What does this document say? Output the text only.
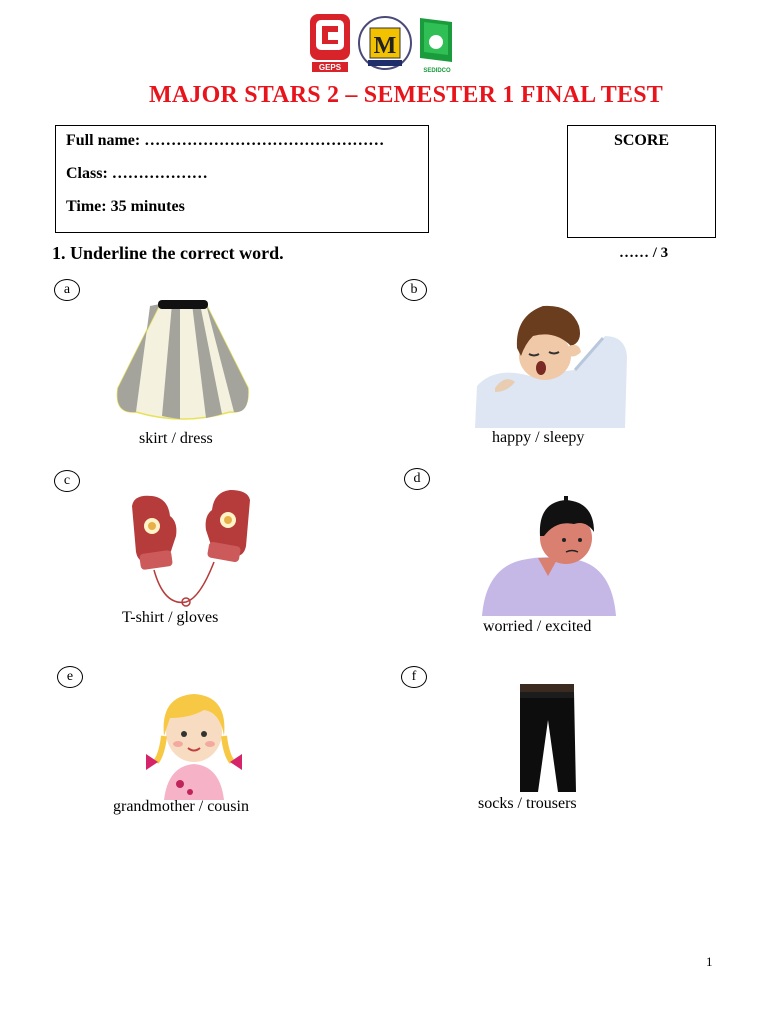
GEPS
M
SEDIDCO
MAJOR STARS 2 – SEMESTER 1 FINAL TEST
Full name: ………………………………………
Class: ………………
Time: 35 minutes
SCORE
1. Underline the correct word.	…… / 3
a
skirt / dress
b
happy / sleepy
c
T-shirt / gloves
d
worried / excited
e
grandmother / cousin
f
socks / trousers
1
